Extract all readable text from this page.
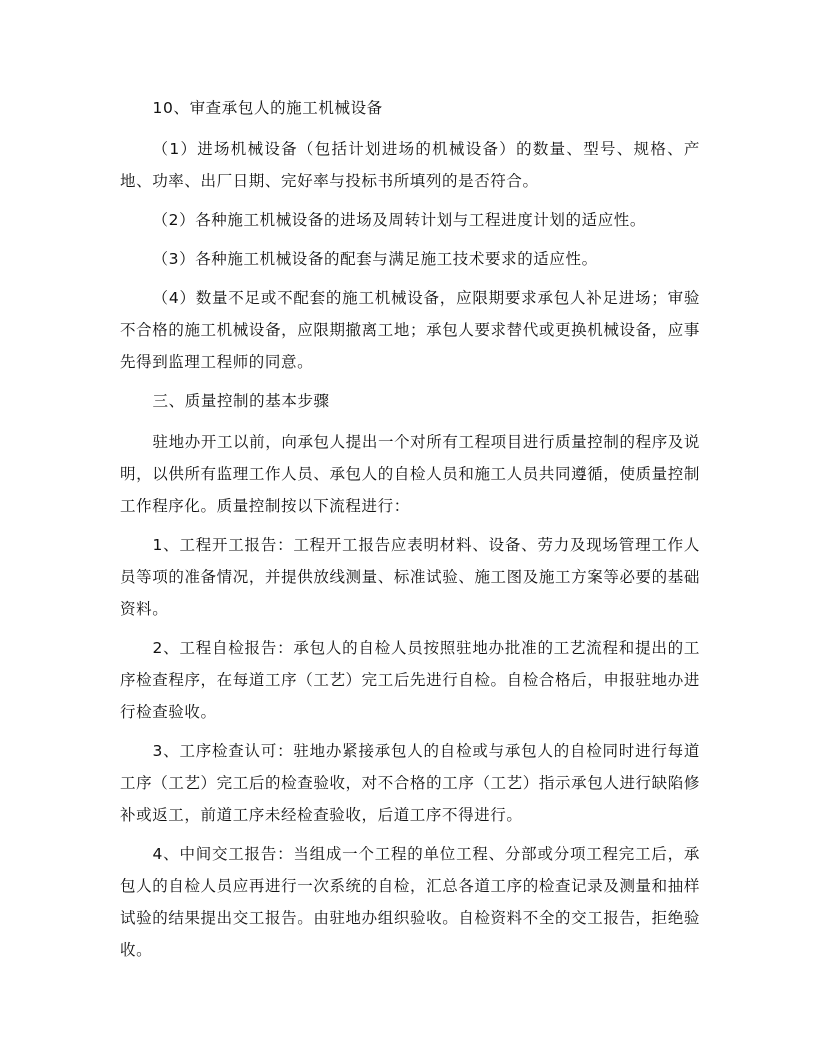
10、审查承包人的施工机械设备

（1）进场机械设备（包括计划进场的机械设备）的数量、型号、规格、产地、功率、出厂日期、完好率与投标书所填列的是否符合。

（2）各种施工机械设备的进场及周转计划与工程进度计划的适应性。

（3）各种施工机械设备的配套与满足施工技术要求的适应性。

（4）数量不足或不配套的施工机械设备，应限期要求承包人补足进场；审验不合格的施工机械设备，应限期撤离工地；承包人要求替代或更换机械设备，应事先得到监理工程师的同意。

三、质量控制的基本步骤

驻地办开工以前，向承包人提出一个对所有工程项目进行质量控制的程序及说明，以供所有监理工作人员、承包人的自检人员和施工人员共同遵循，使质量控制工作程序化。质量控制按以下流程进行：

1、工程开工报告：工程开工报告应表明材料、设备、劳力及现场管理工作人员等项的准备情况，并提供放线测量、标准试验、施工图及施工方案等必要的基础资料。

2、工程自检报告：承包人的自检人员按照驻地办批准的工艺流程和提出的工序检查程序，在每道工序（工艺）完工后先进行自检。自检合格后，申报驻地办进行检查验收。

3、工序检查认可：驻地办紧接承包人的自检或与承包人的自检同时进行每道工序（工艺）完工后的检查验收，对不合格的工序（工艺）指示承包人进行缺陷修补或返工，前道工序未经检查验收，后道工序不得进行。

4、中间交工报告：当组成一个工程的单位工程、分部或分项工程完工后，承包人的自检人员应再进行一次系统的自检，汇总各道工序的检查记录及测量和抽样试验的结果提出交工报告。由驻地办组织验收。自检资料不全的交工报告，拒绝验收。
